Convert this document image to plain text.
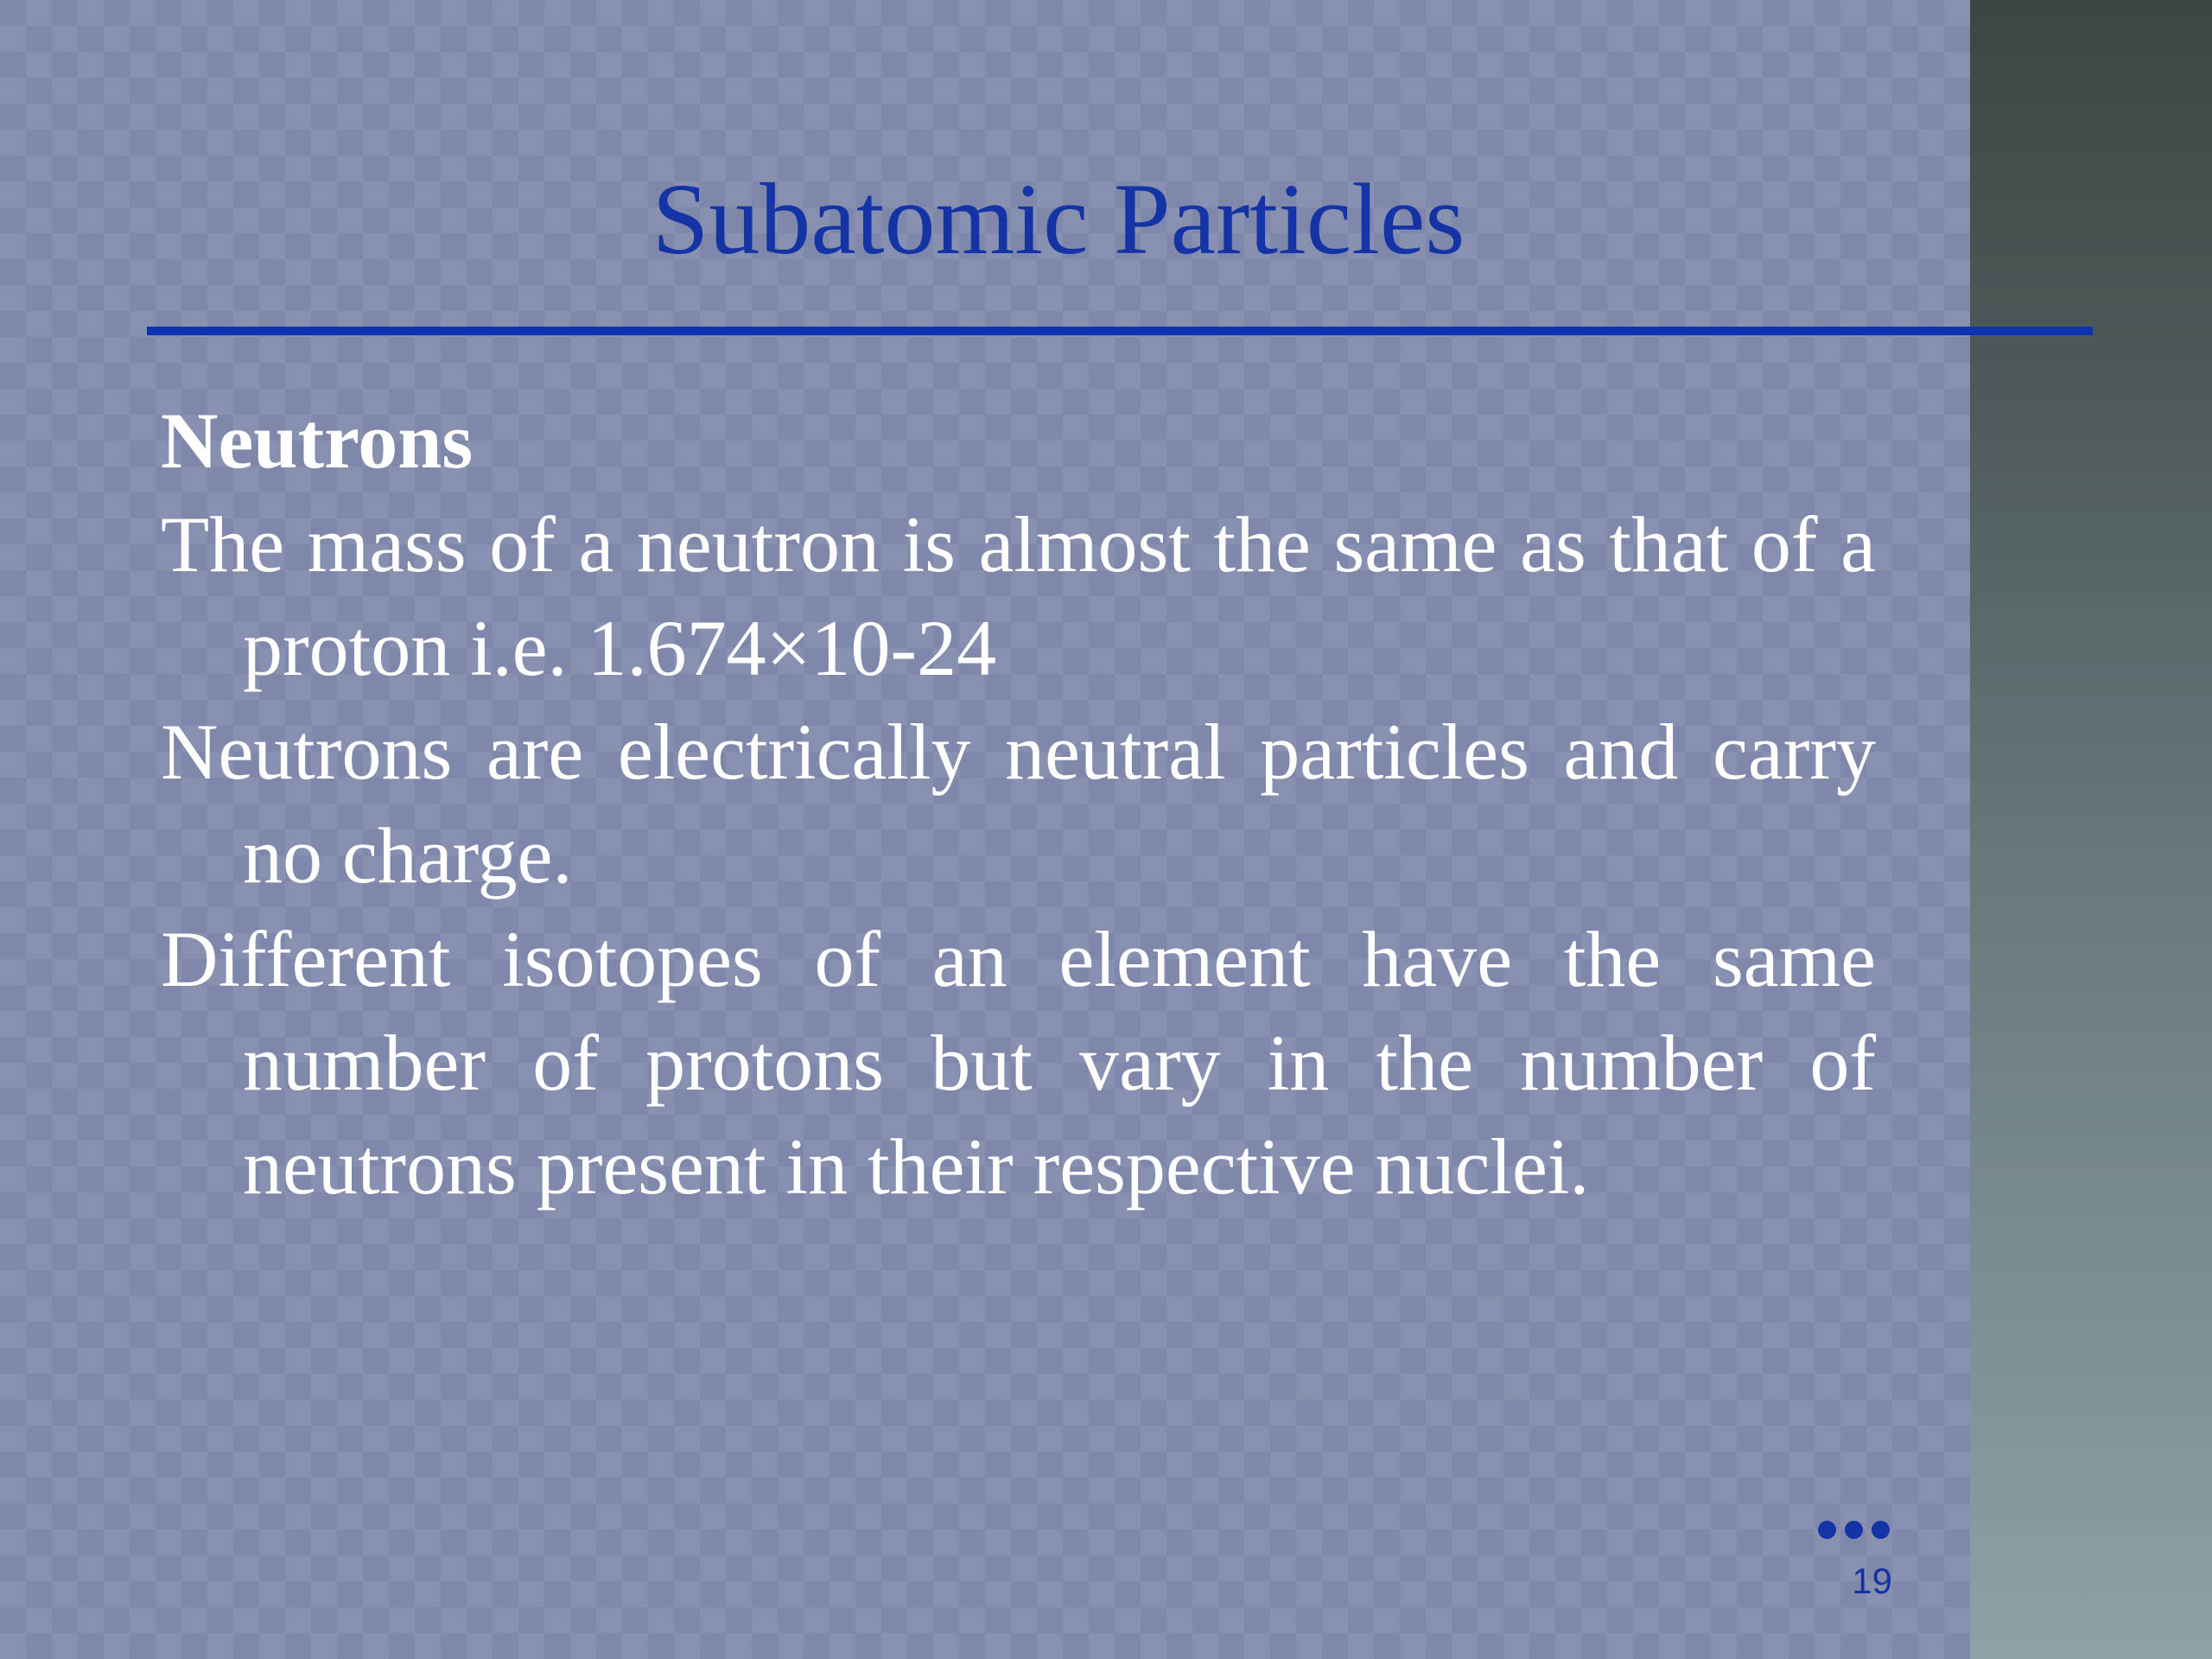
Subatomic Particles

Neutrons

The mass of a neutron is almost the same as that of a proton i.e. 1.674×10-24

Neutrons are electrically neutral particles and carry no charge.

Different isotopes of an element have the same number of protons but vary in the number of neutrons present in their respective nuclei.

19
